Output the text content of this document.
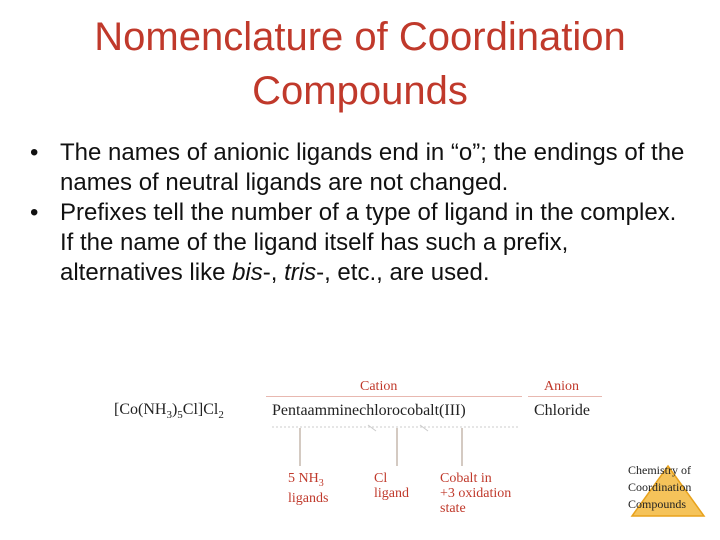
Nomenclature of Coordination
Compounds
• The names of anionic ligands end in “o”; the endings of the names of neutral ligands are not changed.
• Prefixes tell the number of a type of ligand in the complex. If the name of the ligand itself has such a prefix, alternatives like bis-, tris-, etc., are used.
$[Co(NH_3)_5Cl]Cl_2$
Cation	Anion
Pentaamminechlorocobalt(III)	Chloride
5 $NH_3$
ligands
Cl
ligand
Cobalt in
+3 oxidation
state
Chemistry of
Coordination
Compounds
